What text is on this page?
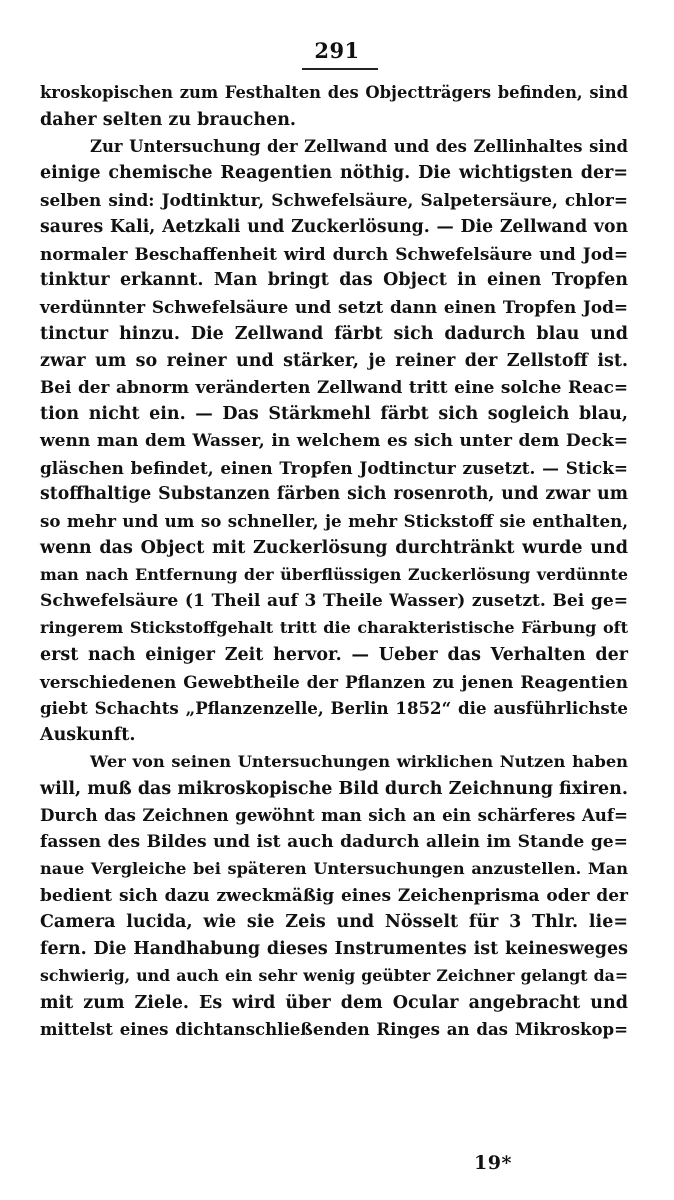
291
kroskopischen zum Festhalten des Objectträgers befinden, sind
daher selten zu brauchen.
Zur Untersuchung der Zellwand und des Zellinhaltes sind
einige chemische Reagentien nöthig. Die wichtigsten der=
selben sind: Jodtinktur, Schwefelsäure, Salpetersäure, chlor=
saures Kali, Aetzkali und Zuckerlösung. — Die Zellwand von
normaler Beschaffenheit wird durch Schwefelsäure und Jod=
tinktur erkannt. Man bringt das Object in einen Tropfen
verdünnter Schwefelsäure und setzt dann einen Tropfen Jod=
tinctur hinzu. Die Zellwand färbt sich dadurch blau und
zwar um so reiner und stärker, je reiner der Zellstoff ist.
Bei der abnorm veränderten Zellwand tritt eine solche Reac=
tion nicht ein. — Das Stärkmehl färbt sich sogleich blau,
wenn man dem Wasser, in welchem es sich unter dem Deck=
gläschen befindet, einen Tropfen Jodtinctur zusetzt. — Stick=
stoffhaltige Substanzen färben sich rosenroth, und zwar um
so mehr und um so schneller, je mehr Stickstoff sie enthalten,
wenn das Object mit Zuckerlösung durchtränkt wurde und
man nach Entfernung der überflüssigen Zuckerlösung verdünnte
Schwefelsäure (1 Theil auf 3 Theile Wasser) zusetzt. Bei ge=
ringerem Stickstoffgehalt tritt die charakteristische Färbung oft
erst nach einiger Zeit hervor. — Ueber das Verhalten der
verschiedenen Gewebtheile der Pflanzen zu jenen Reagentien
giebt Schachts „Pflanzenzelle, Berlin 1852“ die ausführlichste
Auskunft.
Wer von seinen Untersuchungen wirklichen Nutzen haben
will, muß das mikroskopische Bild durch Zeichnung fixiren.
Durch das Zeichnen gewöhnt man sich an ein schärferes Auf=
fassen des Bildes und ist auch dadurch allein im Stande ge=
naue Vergleiche bei späteren Untersuchungen anzustellen. Man
bedient sich dazu zweckmäßig eines Zeichenprisma oder der
Camera lucida, wie sie Zeis und Nösselt für 3 Thlr. lie=
fern. Die Handhabung dieses Instrumentes ist keinesweges
schwierig, und auch ein sehr wenig geübter Zeichner gelangt da=
mit zum Ziele. Es wird über dem Ocular angebracht und
mittelst eines dichtanschließenden Ringes an das Mikroskop=
19*
